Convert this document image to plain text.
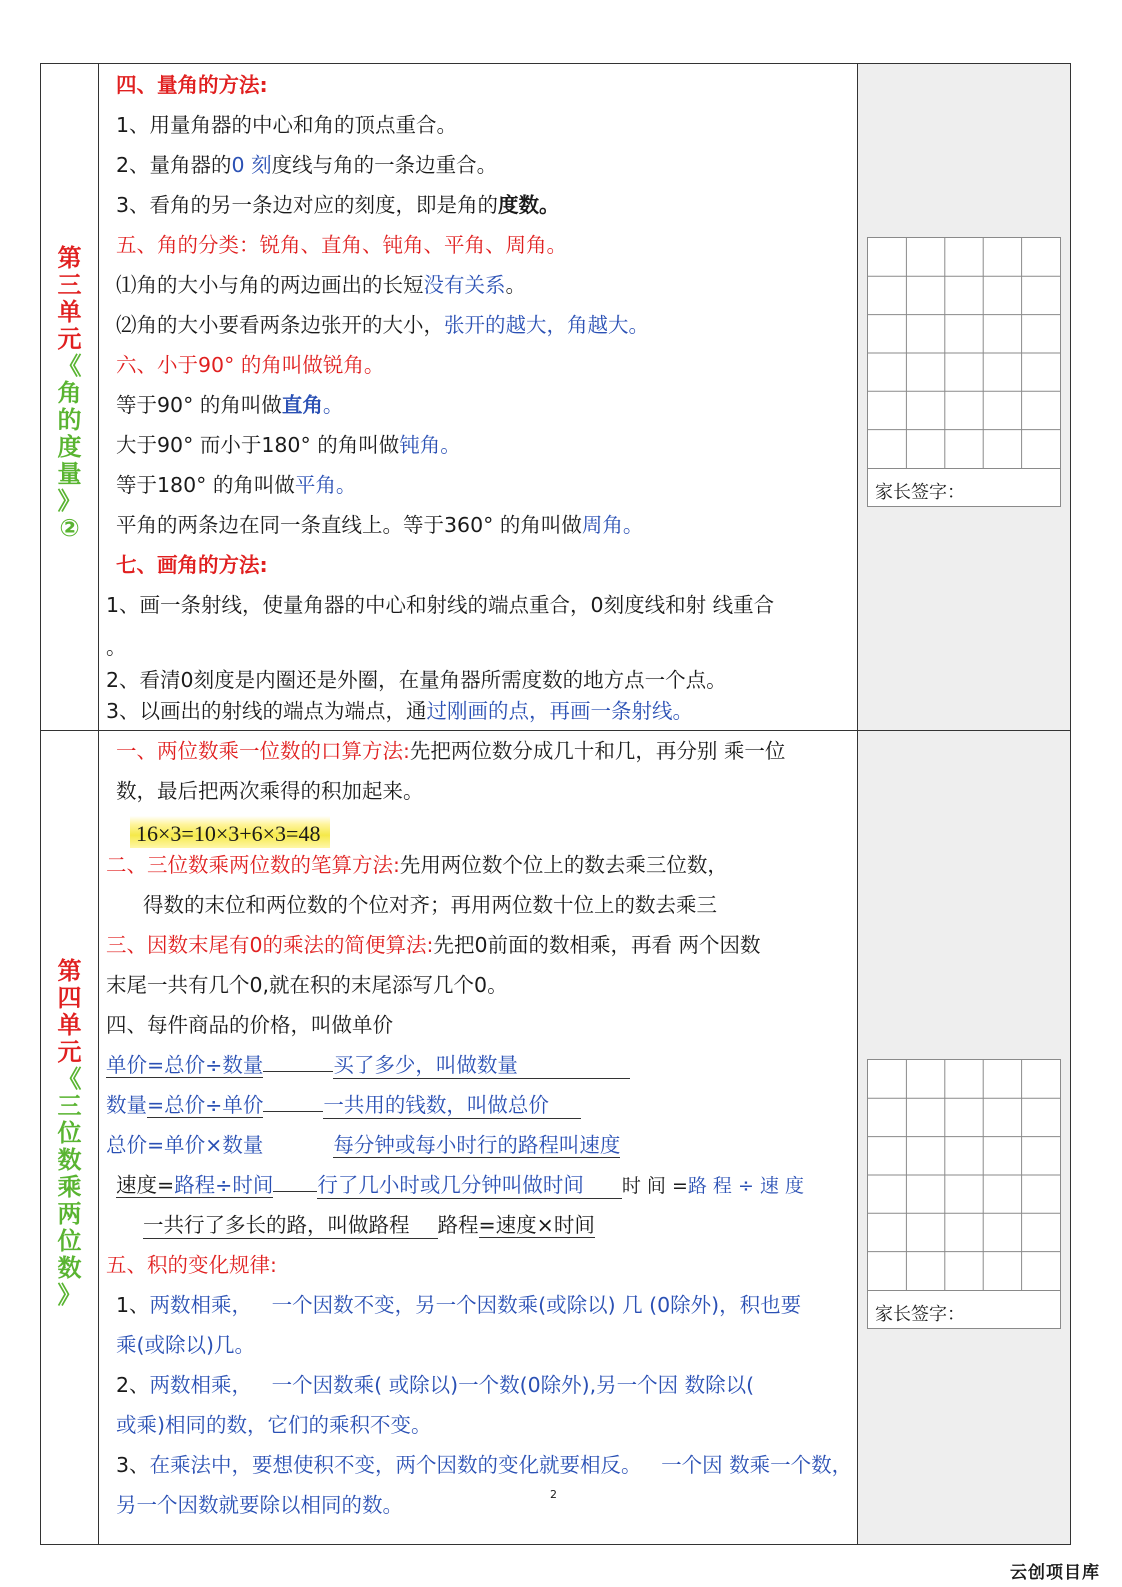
第
三
单
元
《
角
的
度
量
》
②
第
四
单
元
《
三
位
数
乘
两
位
数
》
四、量角的方法:
1、用量角器的中心和角的顶点重合。
2、量角器的0 刻度线与角的一条边重合。
3、看角的另一条边对应的刻度，即是角的度数。
五、角的分类：锐角、直角、钝角、平角、周角。
⑴角的大小与角的两边画出的长短没有关系。
⑵角的大小要看两条边张开的大小，张开的越大，角越大。
六、小于90° 的角叫做锐角。
等于90° 的角叫做直角。
大于90° 而小于180° 的角叫做钝角。
等于180° 的角叫做平角。
平角的两条边在同一条直线上。等于360° 的角叫做周角。
七、画角的方法:
1、画一条射线，使量角器的中心和射线的端点重合，0刻度线和射 线重合
。
2、看清0刻度是内圈还是外圈，在量角器所需度数的地方点一个点。
3、以画出的射线的端点为端点，通过刚画的点，再画一条射线。
一、两位数乘一位数的口算方法:先把两位数分成几十和几，再分别 乘一位
数，最后把两次乘得的积加起来。
16×3=10×3+6×3=48
二、三位数乘两位数的笔算方法:先用两位数个位上的数去乘三位数，
得数的末位和两位数的个位对齐；再用两位数十位上的数去乘三
三、因数末尾有0的乘法的简便算法:先把0前面的数相乘，再看 两个因数
末尾一共有几个0,就在积的末尾添写几个0。
四、每件商品的价格，叫做单价
单价=总价÷数量	买了多少，叫做数量
数量=总价÷单价	一共用的钱数，叫做总价
总价=单价×数量	每分钟或每小时行的路程叫速度
速度=路程÷时间 行了几小时或几分钟叫做时间 时 间 =路 程 ÷ 速 度
一共行了多长的路，叫做路程 路程=速度×时间
五、积的变化规律:
1、两数相乘，   一个因数不变，另一个因数乘(或除以) 几 (0除外)，积也要
乘(或除以)几。
2、两数相乘，   一个因数乘( 或除以)一个数(0除外),另一个因 数除以(
或乘)相同的数，它们的乘积不变。
3、在乘法中，要想使积不变，两个因数的变化就要相反。   一个因 数乘一个数，
另一个因数就要除以相同的数。
家长签字：
家长签字：
2
云创项目库
